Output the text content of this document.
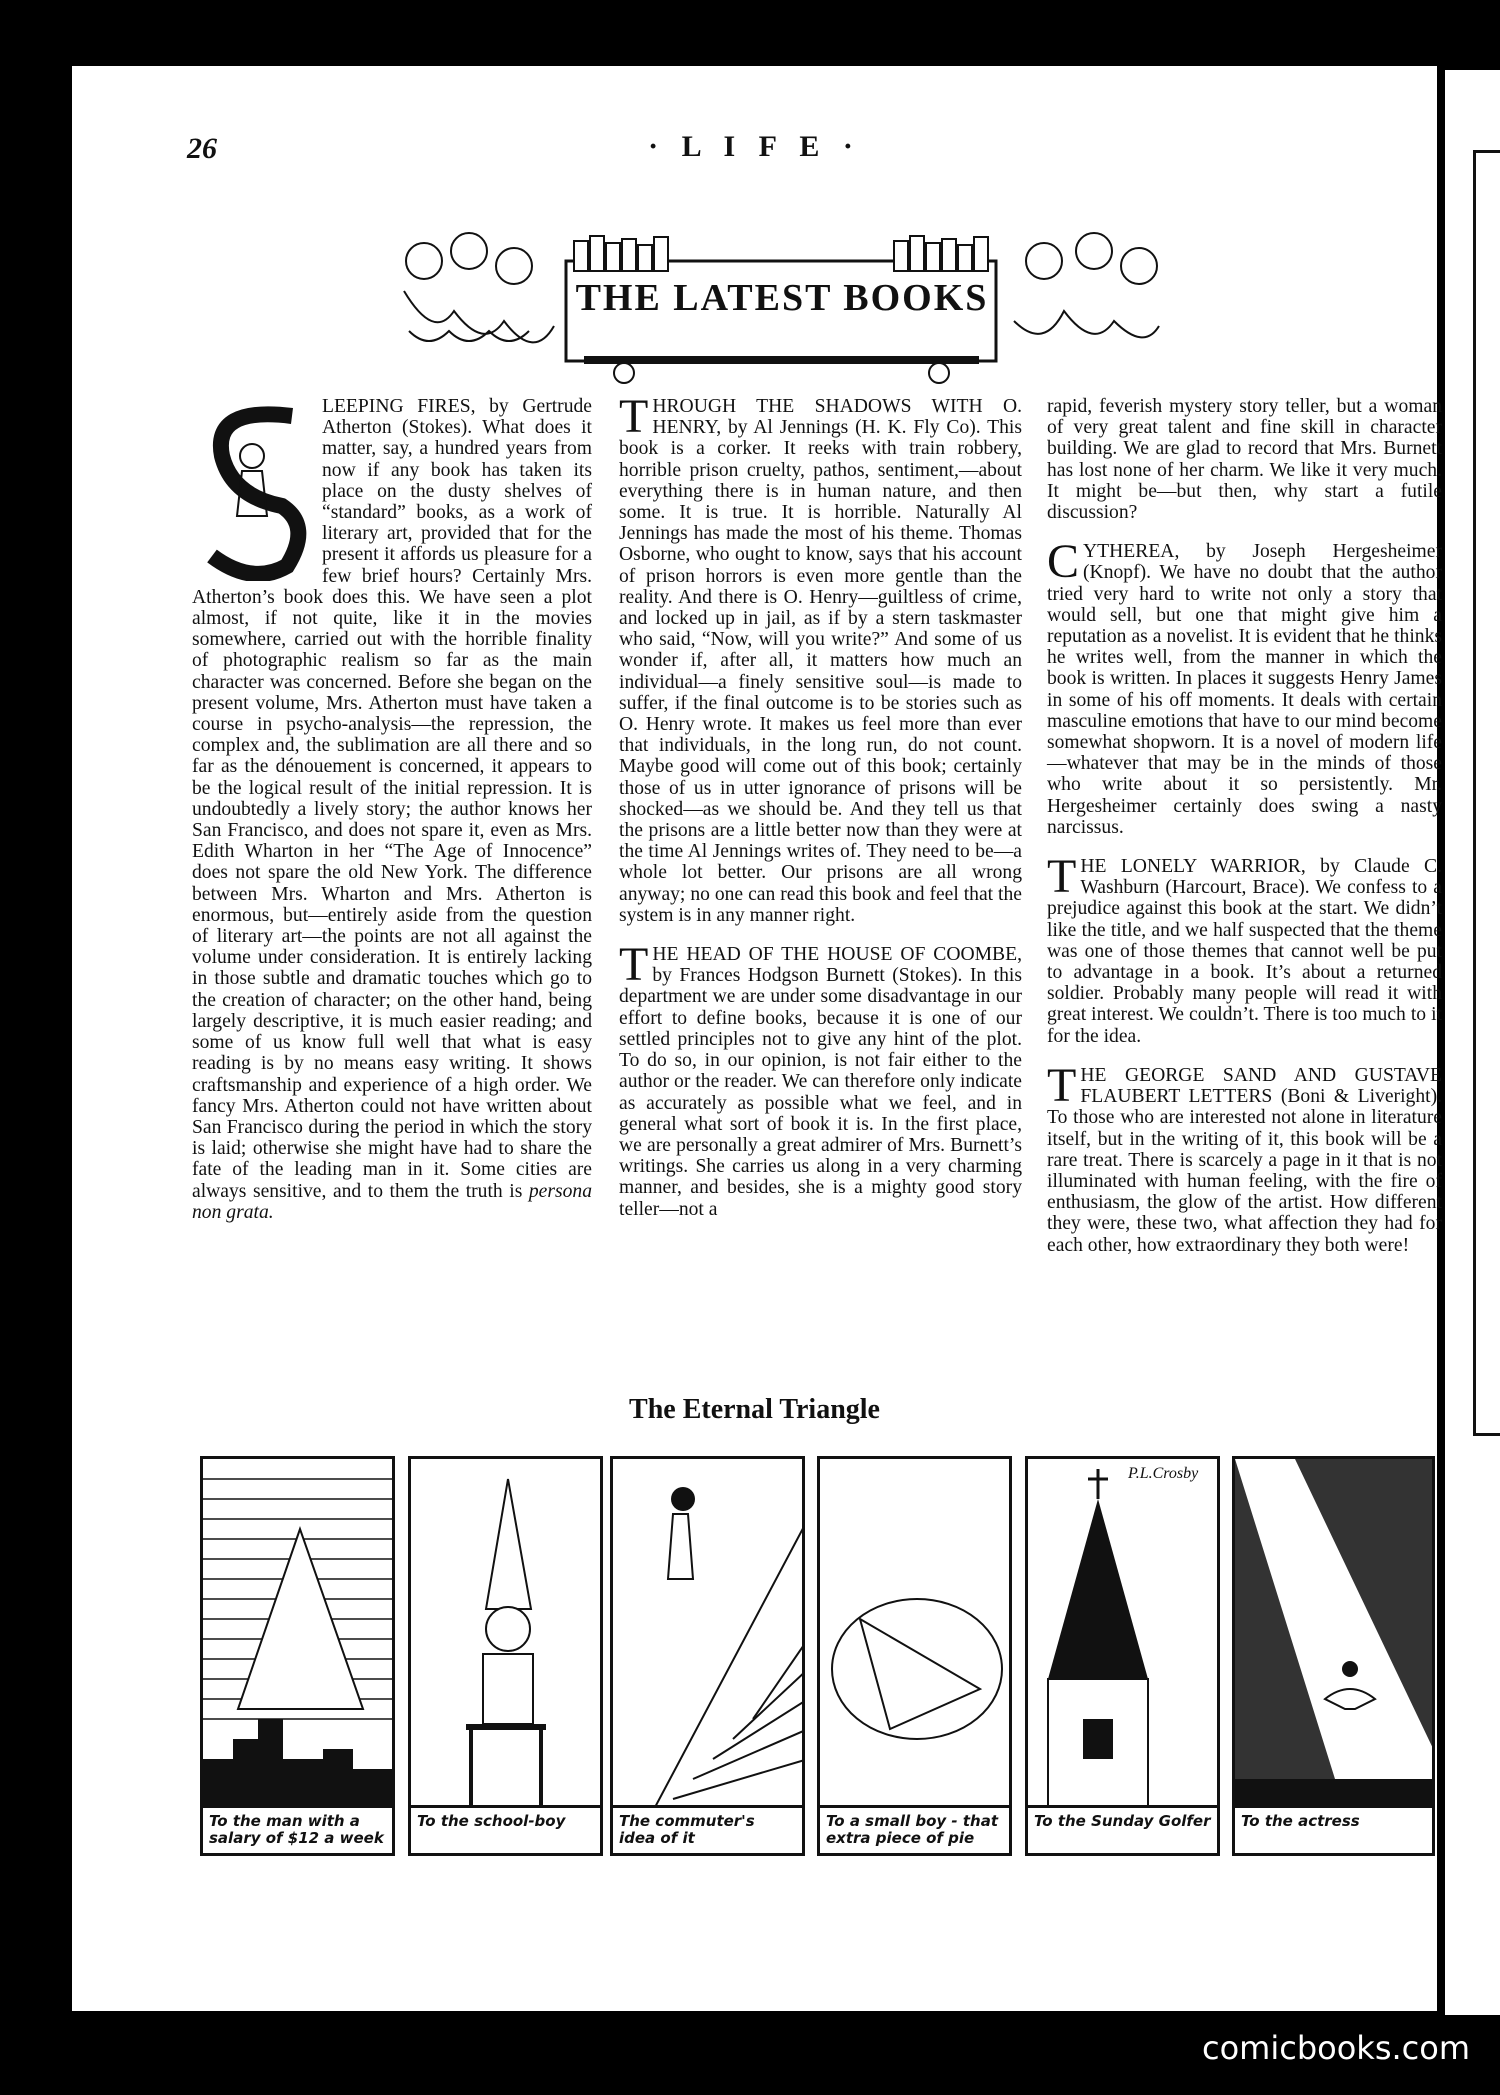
26	· L I F E ·
THE LATEST BOOKS

LEEPING FIRES, by Gertrude Atherton (Stokes). What does it matter, say, a hundred years from now if any book has taken its place on the dusty shelves of “standard” books, as a work of literary art, provided that for the present it affords us pleasure for a few brief hours? Certainly Mrs. Atherton’s book does this. We have seen a plot almost, if not quite, like it in the movies somewhere, carried out with the horrible finality of photographic realism so far as the main character was concerned. Before she began on the present volume, Mrs. Atherton must have taken a course in psycho-analysis—the repression, the complex and, the sublimation are all there and so far as the dénouement is concerned, it appears to be the logical result of the initial repression. It is undoubtedly a lively story; the author knows her San Francisco, and does not spare it, even as Mrs. Edith Wharton in her “The Age of Innocence” does not spare the old New York. The difference between Mrs. Wharton and Mrs. Atherton is enormous, but—entirely aside from the question of literary art—the points are not all against the volume under consideration. It is entirely lacking in those subtle and dramatic touches which go to the creation of character; on the other hand, being largely descriptive, it is much easier reading; and some of us know full well that what is easy reading is by no means easy writing. It shows craftsmanship and experience of a high order. We fancy Mrs. Atherton could not have written about San Francisco during the period in which the story is laid; otherwise she might have had to share the fate of the leading man in it. Some cities are always sensitive, and to them the truth is persona non grata.

THROUGH THE SHADOWS WITH O. HENRY, by Al Jennings (H. K. Fly Co). This book is a corker. It reeks with train robbery, horrible prison cruelty, pathos, sentiment,—about everything there is in human nature, and then some. It is true. It is horrible. Naturally Al Jennings has made the most of his theme. Thomas Osborne, who ought to know, says that his account of prison horrors is even more gentle than the reality. And there is O. Henry—guiltless of crime, and locked up in jail, as if by a stern taskmaster who said, “Now, will you write?” And some of us wonder if, after all, it matters how much an individual—a finely sensitive soul—is made to suffer, if the final outcome is to be stories such as O. Henry wrote. It makes us feel more than ever that individuals, in the long run, do not count. Maybe good will come out of this book; certainly those of us in utter ignorance of prisons will be shocked—as we should be. And they tell us that the prisons are a little better now than they were at the time Al Jennings writes of. They need to be—a whole lot better. Our prisons are all wrong anyway; no one can read this book and feel that the system is in any manner right.

THE HEAD OF THE HOUSE OF COOMBE, by Frances Hodgson Burnett (Stokes). In this department we are under some disadvantage in our effort to define books, because it is one of our settled principles not to give any hint of the plot. To do so, in our opinion, is not fair either to the author or the reader. We can therefore only indicate as accurately as possible what we feel, and in general what sort of book it is. In the first place, we are personally a great admirer of Mrs. Burnett’s writings. She carries us along in a very charming manner, and besides, she is a mighty good story teller—not a

rapid, feverish mystery story teller, but a woman of very great talent and fine skill in character building. We are glad to record that Mrs. Burnett has lost none of her charm. We like it very much. It might be—but then, why start a futile discussion?

CYTHEREA, by Joseph Hergesheimer (Knopf). We have no doubt that the author tried very hard to write not only a story that would sell, but one that might give him a reputation as a novelist. It is evident that he thinks he writes well, from the manner in which the book is written. In places it suggests Henry James in some of his off moments. It deals with certain masculine emotions that have to our mind become somewhat shopworn. It is a novel of modern life—whatever that may be in the minds of those who write about it so persistently. Mr. Hergesheimer certainly does swing a nasty narcissus.

THE LONELY WARRIOR, by Claude C. Washburn (Harcourt, Brace). We confess to a prejudice against this book at the start. We didn’t like the title, and we half suspected that the theme was one of those themes that cannot well be put to advantage in a book. It’s about a returned soldier. Probably many people will read it with great interest. We couldn’t. There is too much to it for the idea.

THE GEORGE SAND AND GUSTAVE FLAUBERT LETTERS (Boni & Liveright). To those who are interested not alone in literature itself, but in the writing of it, this book will be a rare treat. There is scarcely a page in it that is not illuminated with human feeling, with the fire of enthusiasm, the glow of the artist. How different they were, these two, what affection they had for each other, how extraordinary they both were!

The Eternal Triangle
To the man with a salary of $12 a week
To the school-boy	The commuter's idea of it
To a small boy - that extra piece of pie
P.L.Crosby
To the Sunday Golfer	To the actress
comicbooks.com
